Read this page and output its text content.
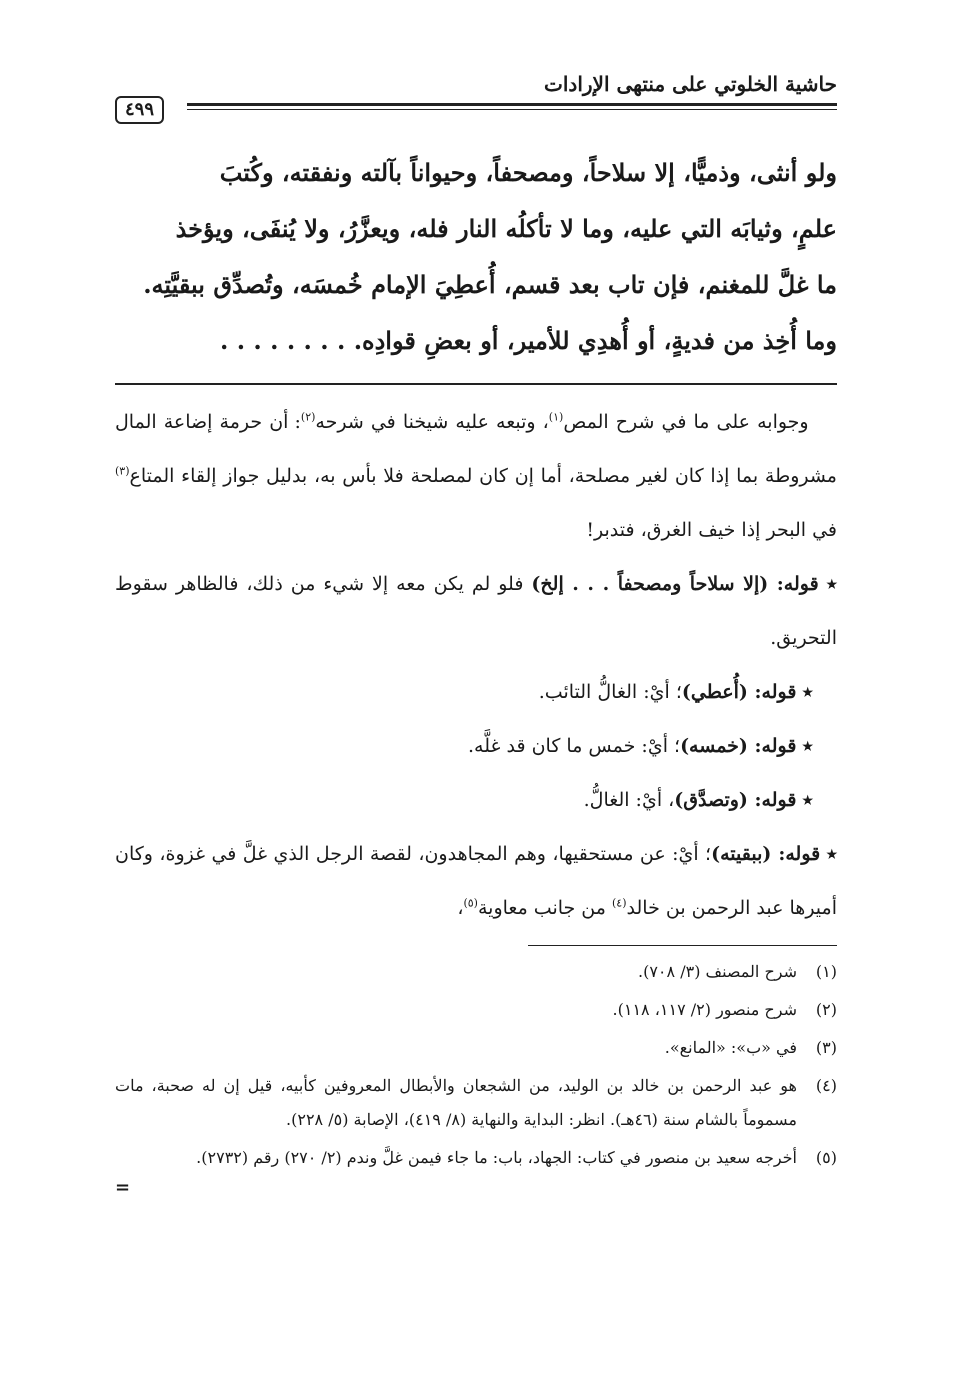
حاشية الخلوتي على منتهى الإرادات
٤٩٩

ولو أنثى، وذميًّا، إلا سلاحاً، ومصحفاً، وحيواناً بآلته ونفقته، وكُتبَ

علمٍ، وثيابَه التي عليه، وما لا تأكلُه النار فله، ويعزَّرُ، ولا يُنفَى، ويؤخذ

ما غلَّ للمغنم، فإن تاب بعد قسم، أُعطِيَ الإمام خُمسَه، وتُصدِّق ببقيَّتِه.

وما أُخِذ من فديةٍ، أو أُهدِي للأمير، أو بعضِ قوادِه. . . . . . . . .

وجوابه على ما في شرح المص$^{(١)}$، وتبعه عليه شيخنا في شرحه$^{(٢)}$: أن حرمة إضاعة المال مشروطة بما إذا كان لغير مصلحة، أما إن كان لمصلحة فلا بأس به، بدليل جواز إلقاء المتاع$^{(٣)}$ في البحر إذا خيف الغرق، فتدبر!

٭ قوله: (إلا سلاحاً ومصحفاً . . . إلخ) فلو لم يكن معه إلا شيء من ذلك، فالظاهر سقوط التحريق.

٭ قوله: (أُعطي)؛ أيْ: الغالُّ التائب.

٭ قوله: (خمسه)؛ أيْ: خمس ما كان قد غلَّه.

٭ قوله: (وتصدَّق)، أيْ: الغالُّ.

٭ قوله: (ببقيته)؛ أيْ: عن مستحقيها، وهم المجاهدون، لقصة الرجل الذي غلَّ في غزوة، وكان أميرها عبد الرحمن بن خالد$^{(٤)}$ من جانب معاوية$^{(٥)}$،

(١)
شرح المصنف (٣/ ٧٠٨).
(٢)
شرح منصور (٢/ ١١٧، ١١٨).
(٣)
في «ب»: «المانع».
(٤)
هو عبد الرحمن بن خالد بن الوليد، من الشجعان والأبطال المعروفين كأبيه، قيل إن له صحبة، مات مسموماً بالشام سنة (٤٦هـ). انظر: البداية والنهاية (٨/ ٤١٩)، الإصابة (٥/ ٢٢٨).
(٥)
أخرجه سعيد بن منصور في كتاب: الجهاد، باب: ما جاء فيمن غلَّ وندم (٢/ ٢٧٠) رقم (٢٧٣٢).
=
